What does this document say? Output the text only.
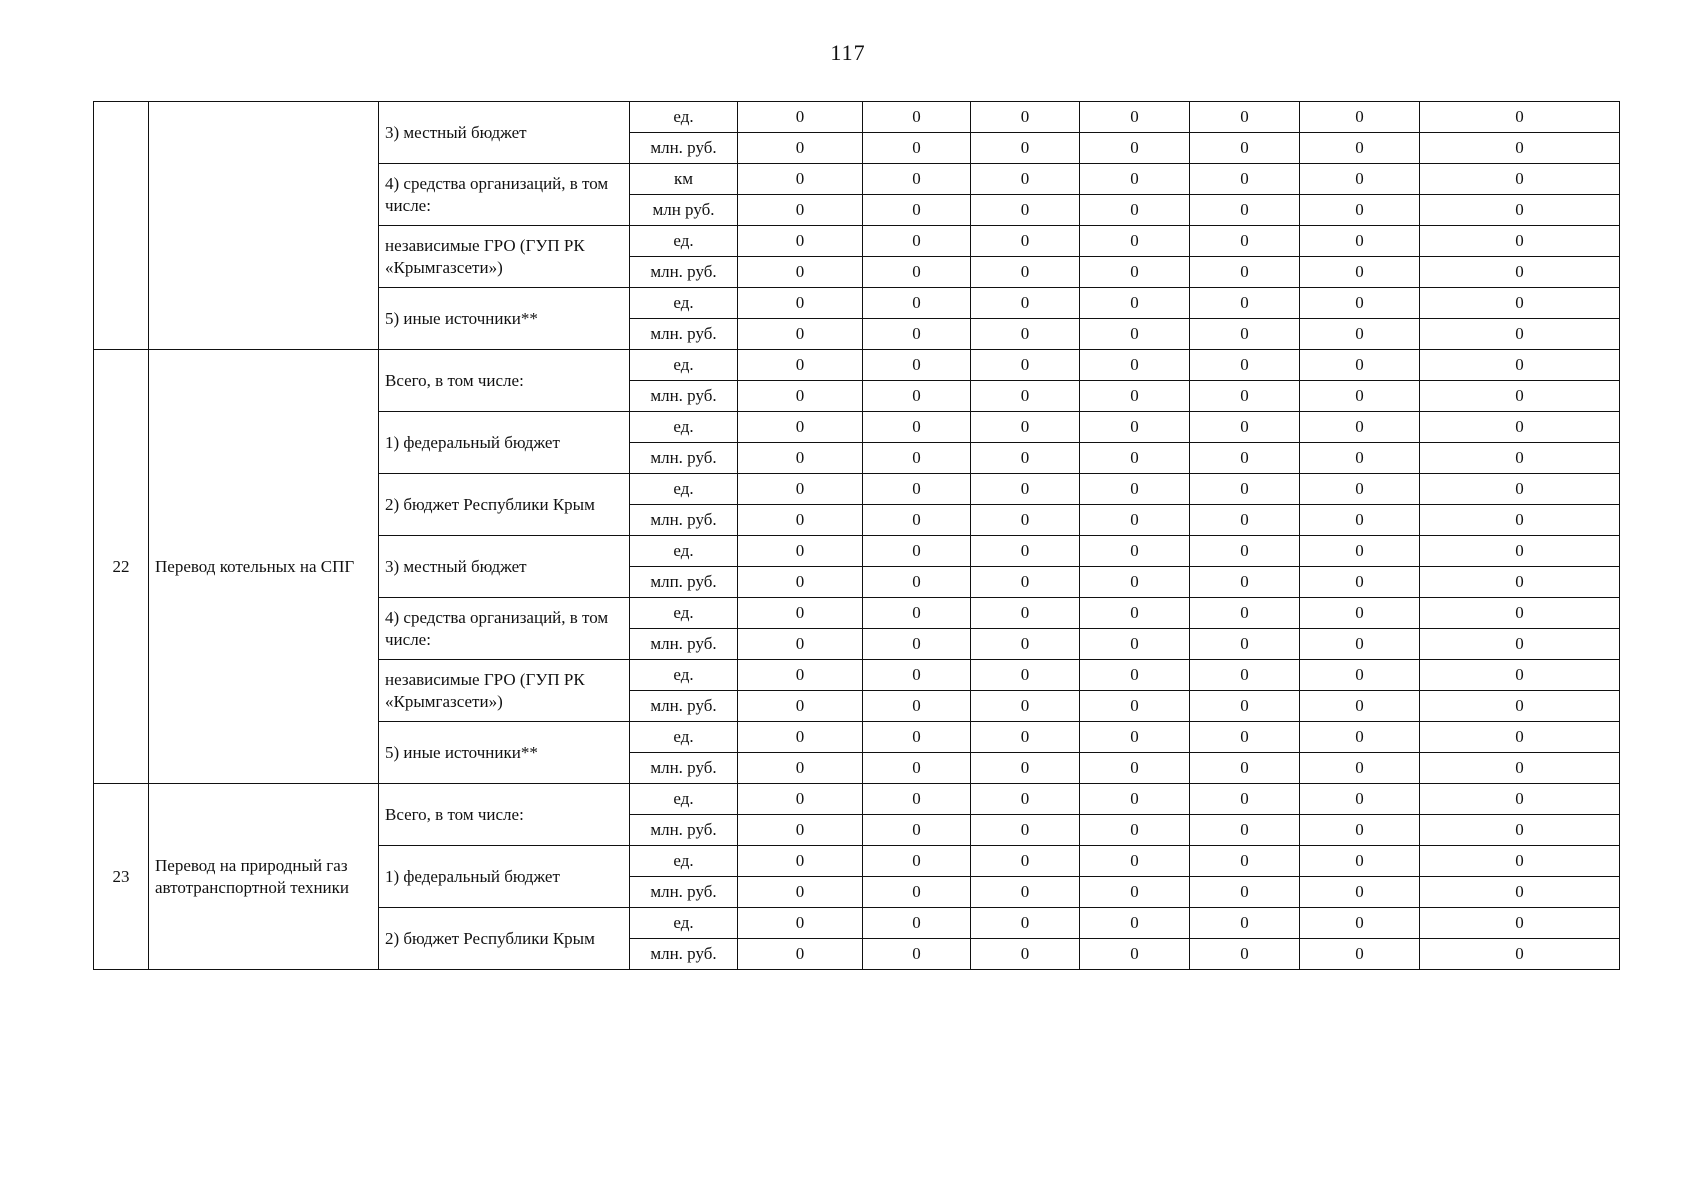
117
		3) местный бюджет	ед.	0	0	0	0	0	0	0
			млн. руб.	0	0	0	0	0	0	0
		4) средства организаций, в том числе:	км	0	0	0	0	0	0	0
			млн руб.	0	0	0	0	0	0	0
		независимые ГРО (ГУП РК «Крымгазсети»)	ед.	0	0	0	0	0	0	0
			млн. руб.	0	0	0	0	0	0	0
		5) иные источники**	ед.	0	0	0	0	0	0	0
			млн. руб.	0	0	0	0	0	0	0
22	Перевод котельных на СПГ	Всего, в том числе:	ед.	0	0	0	0	0	0	0
			млн. руб.	0	0	0	0	0	0	0
		1) федеральный бюджет	ед.	0	0	0	0	0	0	0
			млн. руб.	0	0	0	0	0	0	0
		2) бюджет Республики Крым	ед.	0	0	0	0	0	0	0
			млн. руб.	0	0	0	0	0	0	0
		3) местный бюджет	ед.	0	0	0	0	0	0	0
			млп. руб.	0	0	0	0	0	0	0
		4) средства организаций, в том числе:	ед.	0	0	0	0	0	0	0
			млн. руб.	0	0	0	0	0	0	0
		независимые ГРО (ГУП РК «Крымгазсети»)	ед.	0	0	0	0	0	0	0
			млн. руб.	0	0	0	0	0	0	0
		5) иные источники**	ед.	0	0	0	0	0	0	0
			млн. руб.	0	0	0	0	0	0	0
23	Перевод на природный газ автотранспортной техники	Всего, в том числе:	ед.	0	0	0	0	0	0	0
			млн. руб.	0	0	0	0	0	0	0
		1) федеральный бюджет	ед.	0	0	0	0	0	0	0
			млн. руб.	0	0	0	0	0	0	0
		2) бюджет Республики Крым	ед.	0	0	0	0	0	0	0
			млн. руб.	0	0	0	0	0	0	0
